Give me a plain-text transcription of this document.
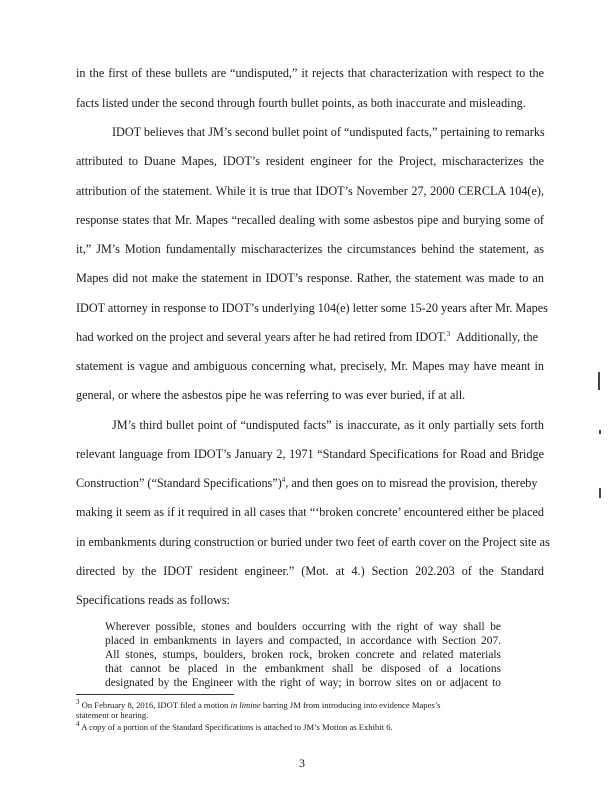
in the first of these bullets are “undisputed,” it rejects that characterization with respect to the
facts listed under the second through fourth bullet points, as both inaccurate and misleading.
IDOT believes that JM’s second bullet point of “undisputed facts,” pertaining to remarks
attributed to Duane Mapes, IDOT’s resident engineer for the Project, mischaracterizes the
attribution of the statement. While it is true that IDOT’s November 27, 2000 CERCLA 104(e),
response states that Mr. Mapes “recalled dealing with some asbestos pipe and burying some of
it,” JM’s Motion fundamentally mischaracterizes the circumstances behind the statement, as
Mapes did not make the statement in IDOT’s response. Rather, the statement was made to an
IDOT attorney in response to IDOT’s underlying 104(e) letter some 15-20 years after Mr. Mapes
had worked on the project and several years after he had retired from IDOT.$^3$ Additionally, the
statement is vague and ambiguous concerning what, precisely, Mr. Mapes may have meant in
general, or where the asbestos pipe he was referring to was ever buried, if at all.
JM’s third bullet point of “undisputed facts” is inaccurate, as it only partially sets forth
relevant language from IDOT’s January 2, 1971 “Standard Specifications for Road and Bridge
Construction” (“Standard Specifications”)$^4$, and then goes on to misread the provision, thereby
making it seem as if it required in all cases that “‘broken concrete’ encountered either be placed
in embankments during construction or buried under two feet of earth cover on the Project site as
directed by the IDOT resident engineer.” (Mot. at 4.) Section 202.203 of the Standard
Specifications reads as follows:
Wherever possible, stones and boulders occurring with the right of way shall be
placed in embankments in layers and compacted, in accordance with Section 207.
All stones, stumps, boulders, broken rock, broken concrete and related materials
that cannot be placed in the embankment shall be disposed of a locations
designated by the Engineer with the right of way; in borrow sites on or adjacent to
$^3$ On February 8, 2016, IDOT filed a motion in limine barring JM from introducing into evidence Mapes’s
statement or hearing.
$^4$ A copy of a portion of the Standard Specifications is attached to JM’s Motion as Exhibit 6.
3
